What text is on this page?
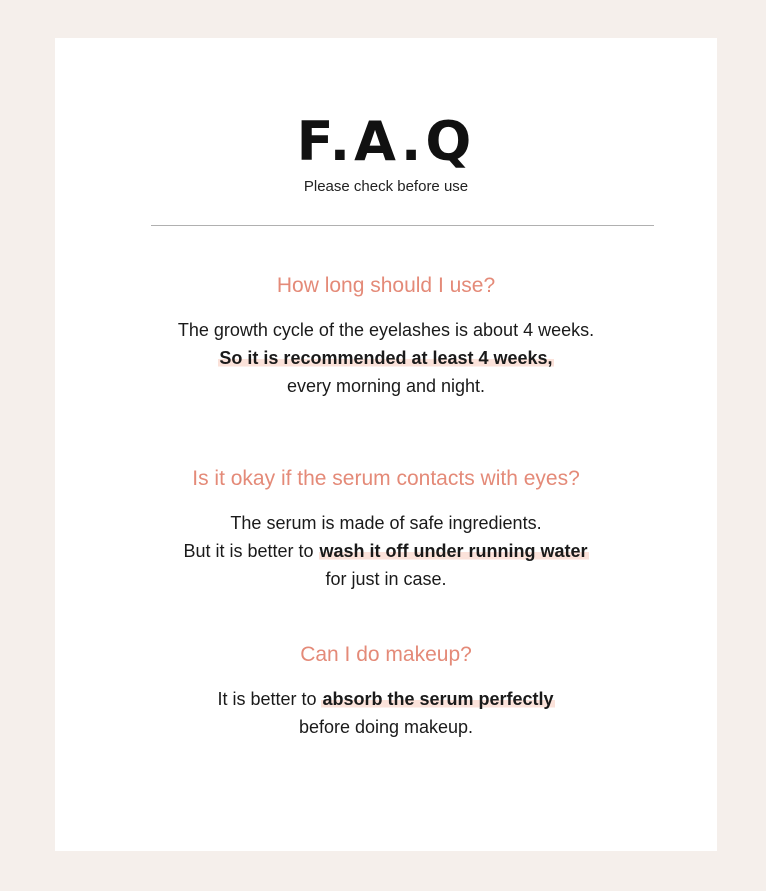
F.A.Q
Please check before use
How long should I use?

The growth cycle of the eyelashes is about 4 weeks.
So it is recommended at least 4 weeks,
every morning and night.

Is it okay if the serum contacts with eyes?

The serum is made of safe ingredients.
But it is better to wash it off under running water
for just in case.

Can I do makeup?

It is better to absorb the serum perfectly
before doing makeup.
